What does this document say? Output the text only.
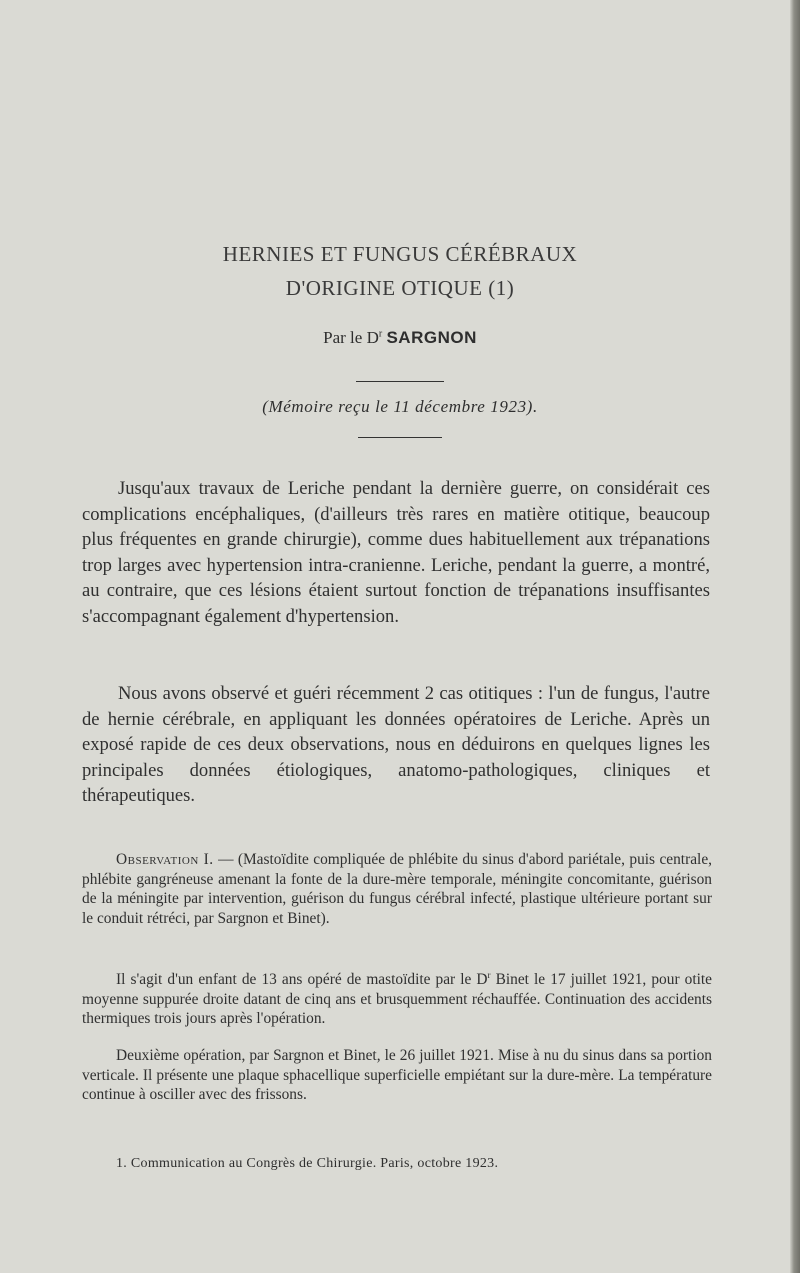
HERNIES ET FUNGUS CÉRÉBRAUX
D'ORIGINE OTIQUE (1)
Par le $D^r$ SARGNON
(Mémoire reçu le 11 décembre 1923).

Jusqu'aux travaux de Leriche pendant la dernière guerre, on considérait ces complications encéphaliques, (d'ailleurs très rares en matière otitique, beaucoup plus fréquentes en grande chirurgie), comme dues habituellement aux trépanations trop larges avec hypertension intra-cranienne. Leriche, pendant la guerre, a montré, au contraire, que ces lésions étaient surtout fonction de trépanations insuffisantes s'accompagnant également d'hypertension.

Nous avons observé et guéri récemment 2 cas otitiques : l'un de fungus, l'autre de hernie cérébrale, en appliquant les données opératoires de Leriche. Après un exposé rapide de ces deux observations, nous en déduirons en quelques lignes les principales données étiologiques, anatomo-pathologiques, cliniques et thérapeutiques.

Observation I. — (Mastoïdite compliquée de phlébite du sinus d'abord pariétale, puis centrale, phlébite gangréneuse amenant la fonte de la dure-mère temporale, méningite concomitante, guérison de la méningite par intervention, guérison du fungus cérébral infecté, plastique ultérieure portant sur le conduit rétréci, par Sargnon et Binet).

Il s'agit d'un enfant de 13 ans opéré de mastoïdite par le $D^r$ Binet le 17 juillet 1921, pour otite moyenne suppurée droite datant de cinq ans et brusquemment réchauffée. Continuation des accidents thermiques trois jours après l'opération.

Deuxième opération, par Sargnon et Binet, le 26 juillet 1921. Mise à nu du sinus dans sa portion verticale. Il présente une plaque sphacellique superficielle empiétant sur la dure-mère. La température continue à osciller avec des frissons.

1. Communication au Congrès de Chirurgie. Paris, octobre 1923.
